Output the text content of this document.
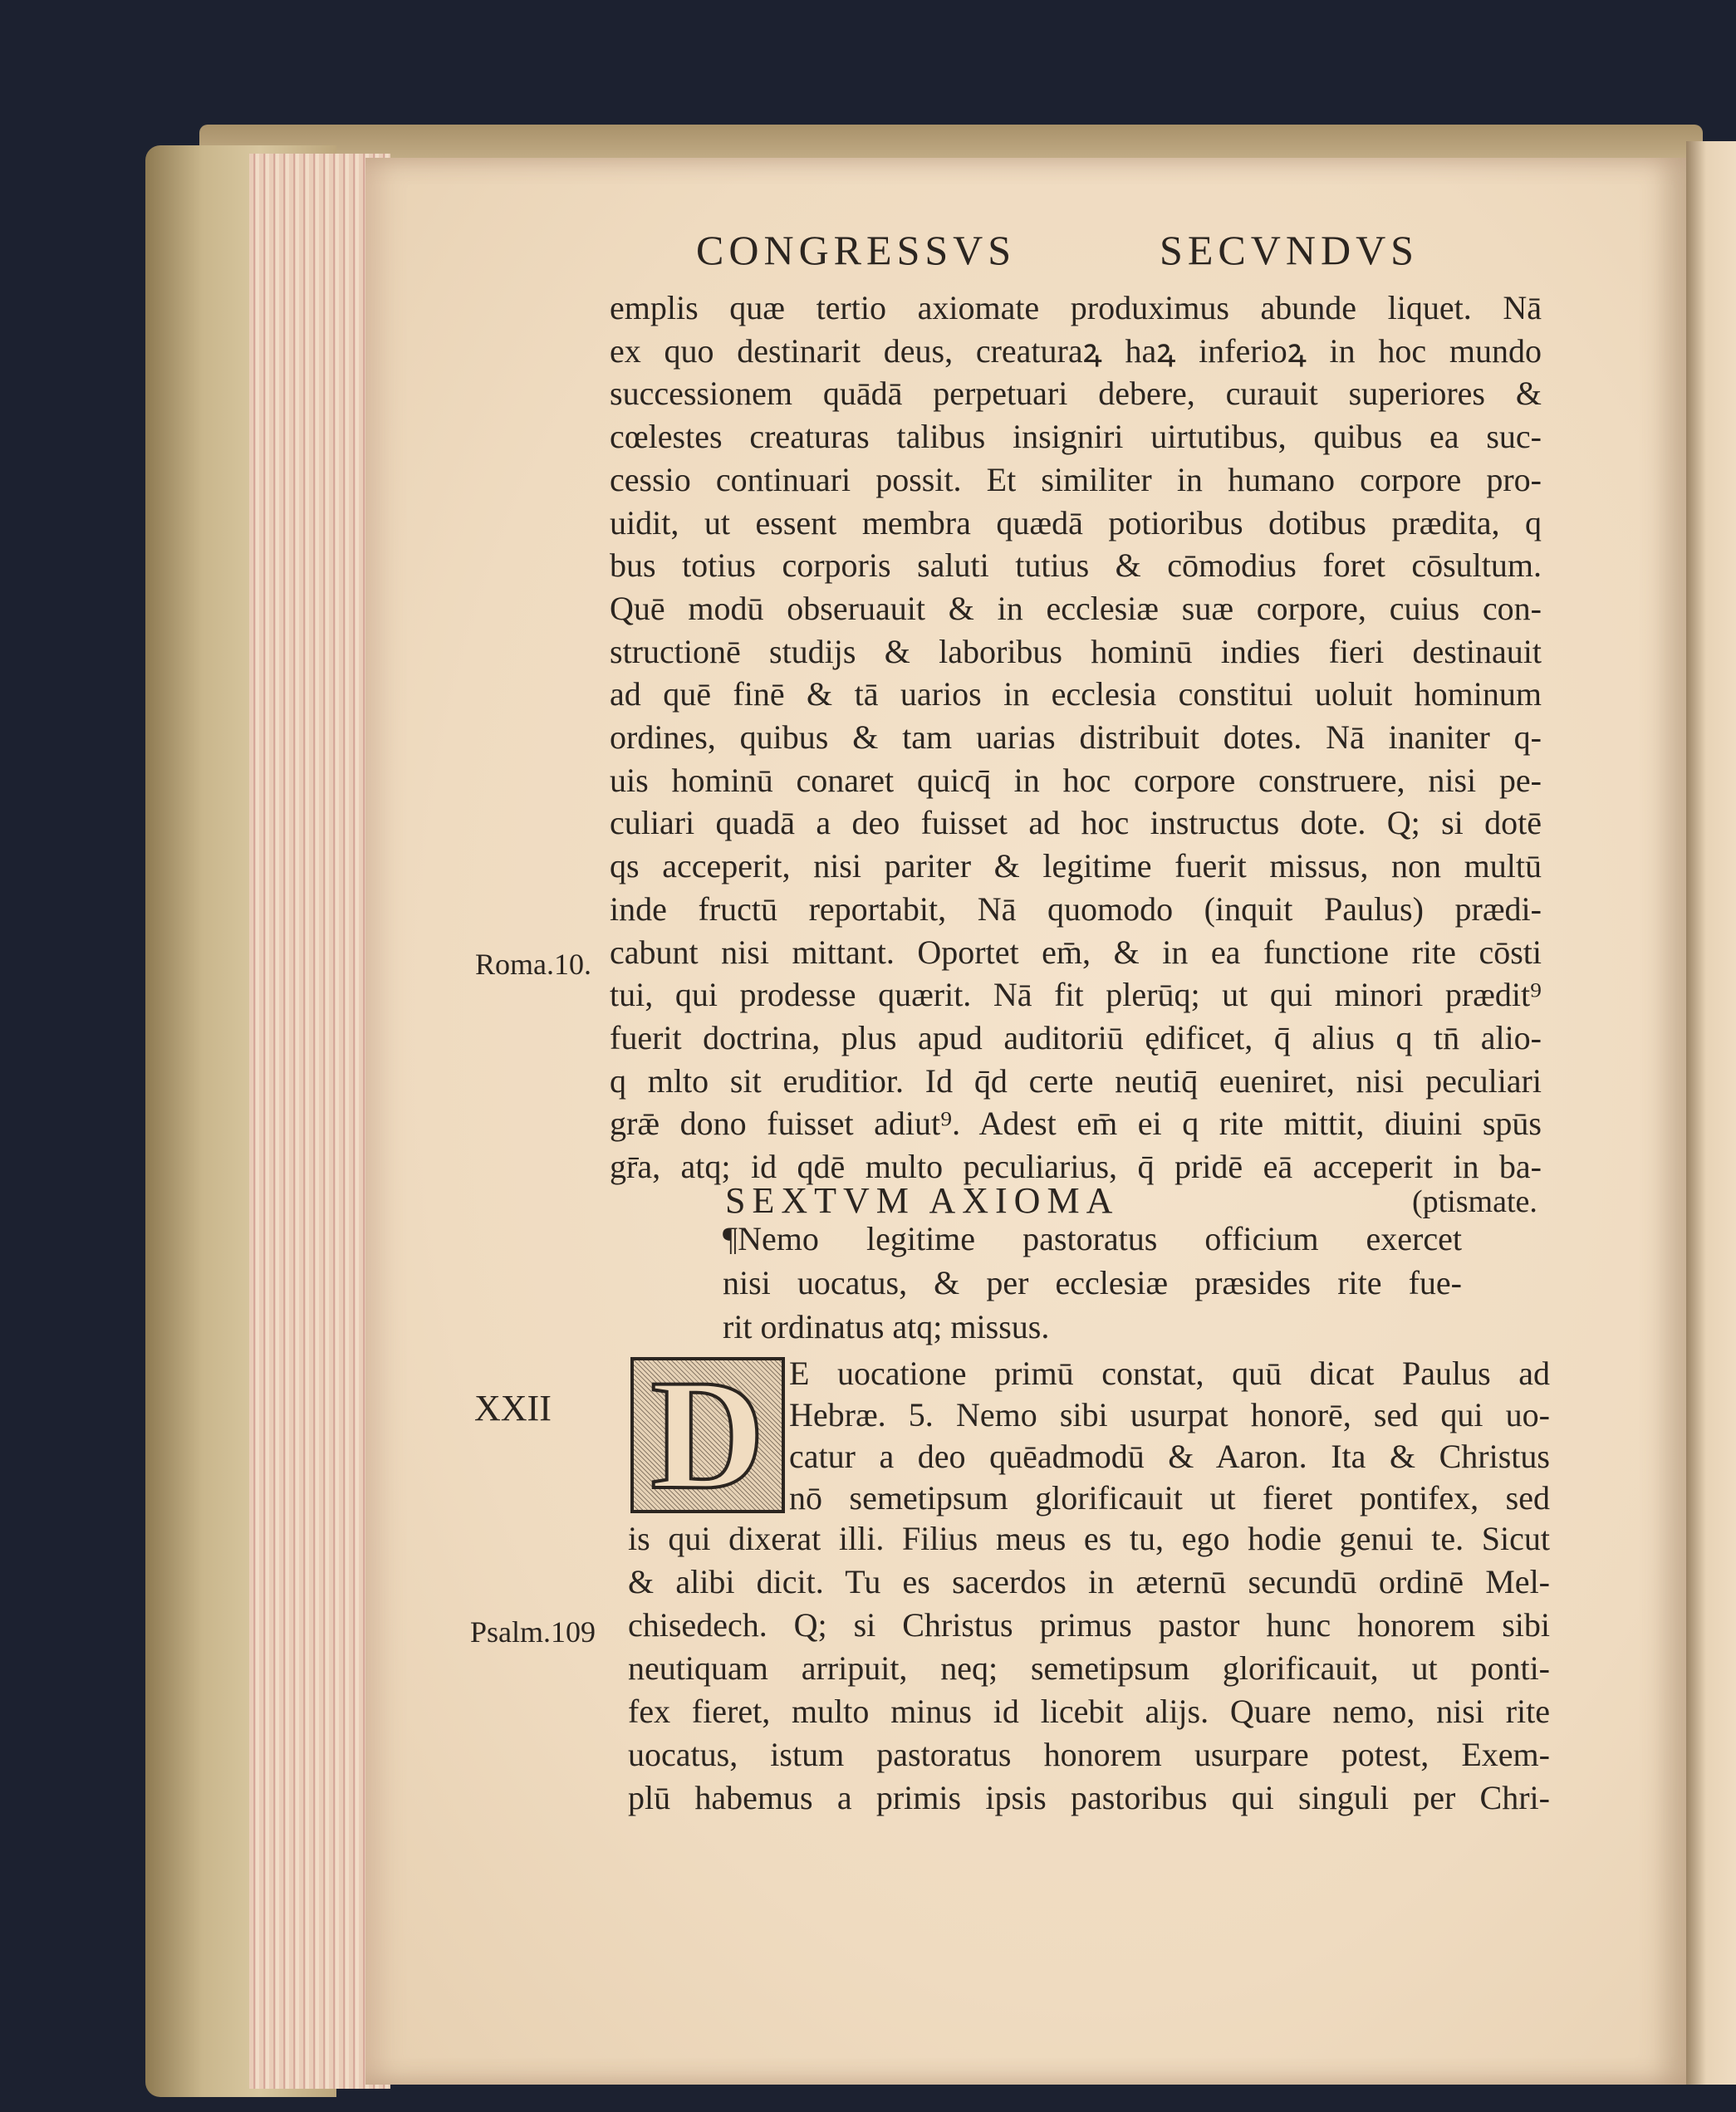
CONGRESSVS SECVNDVS
emplis quæ tertio axiomate produximus abunde liquet. Nā
ex quo destinarit deus, creaturaꝝ haꝝ inferioꝝ in hoc mundo
successionem quādā perpetuari debere, curauit superiores &
cœlestes creaturas talibus insigniri uirtutibus, quibus ea suc-
cessio continuari possit. Et similiter in humano corpore pro-
uidit, ut essent membra quædā potioribus dotibus prædita, q
bus totius corporis saluti tutius & cōmodius foret cōsultum.
Quē modū obseruauit & in ecclesiæ suæ corpore, cuius con-
structionē studijs & laboribus hominū indies fieri destinauit
ad quē finē & tā uarios in ecclesia constitui uoluit hominum
ordines, quibus & tam uarias distribuit dotes. Nā inaniter q-
uis hominū conaret quicq̄ in hoc corpore construere, nisi pe-
culiari quadā a deo fuisset ad hoc instructus dote. Q; si dotē
qs acceperit, nisi pariter & legitime fuerit missus, non multū
inde fructū reportabit, Nā quomodo (inquit Paulus) prædi-
cabunt nisi mittant. Oportet em̄, & in ea functione rite cōsti
tui, qui prodesse quærit. Nā fit plerūq; ut qui minori prædit⁹
fuerit doctrina, plus apud auditoriū ędificet, q̄ alius q tn̄ alio-
q mlto sit eruditior. Id q̄d certe neutiq̄ eueniret, nisi peculiari
grǣ dono fuisset adiut⁹. Adest em̄ ei q rite mittit, diuini spūs
gr̄a, atq; id qdē multo peculiarius, q̄ pridē eā acceperit in ba-
Roma.10.
XXII
Psalm.109
SEXTVM AXIOMA	(ptismate.
¶Nemo legitime pastoratus officium exercet
nisi uocatus, & per ecclesiæ præsides rite fue-
rit ordinatus atq; missus.
D E uocatione primū constat, quū dicat Paulus ad
Hebræ. 5. Nemo sibi usurpat honorē, sed qui uo-
catur a deo quēadmodū & Aaron. Ita & Christus
nō semetipsum glorificauit ut fieret pontifex, sed
is qui dixerat illi. Filius meus es tu, ego hodie genui te. Sicut
& alibi dicit. Tu es sacerdos in æternū secundū ordinē Mel-
chisedech. Q; si Christus primus pastor hunc honorem sibi
neutiquam arripuit, neq; semetipsum glorificauit, ut ponti-
fex fieret, multo minus id licebit alijs. Quare nemo, nisi rite
uocatus, istum pastoratus honorem usurpare potest, Exem-
plū habemus a primis ipsis pastoribus qui singuli per Chri-
